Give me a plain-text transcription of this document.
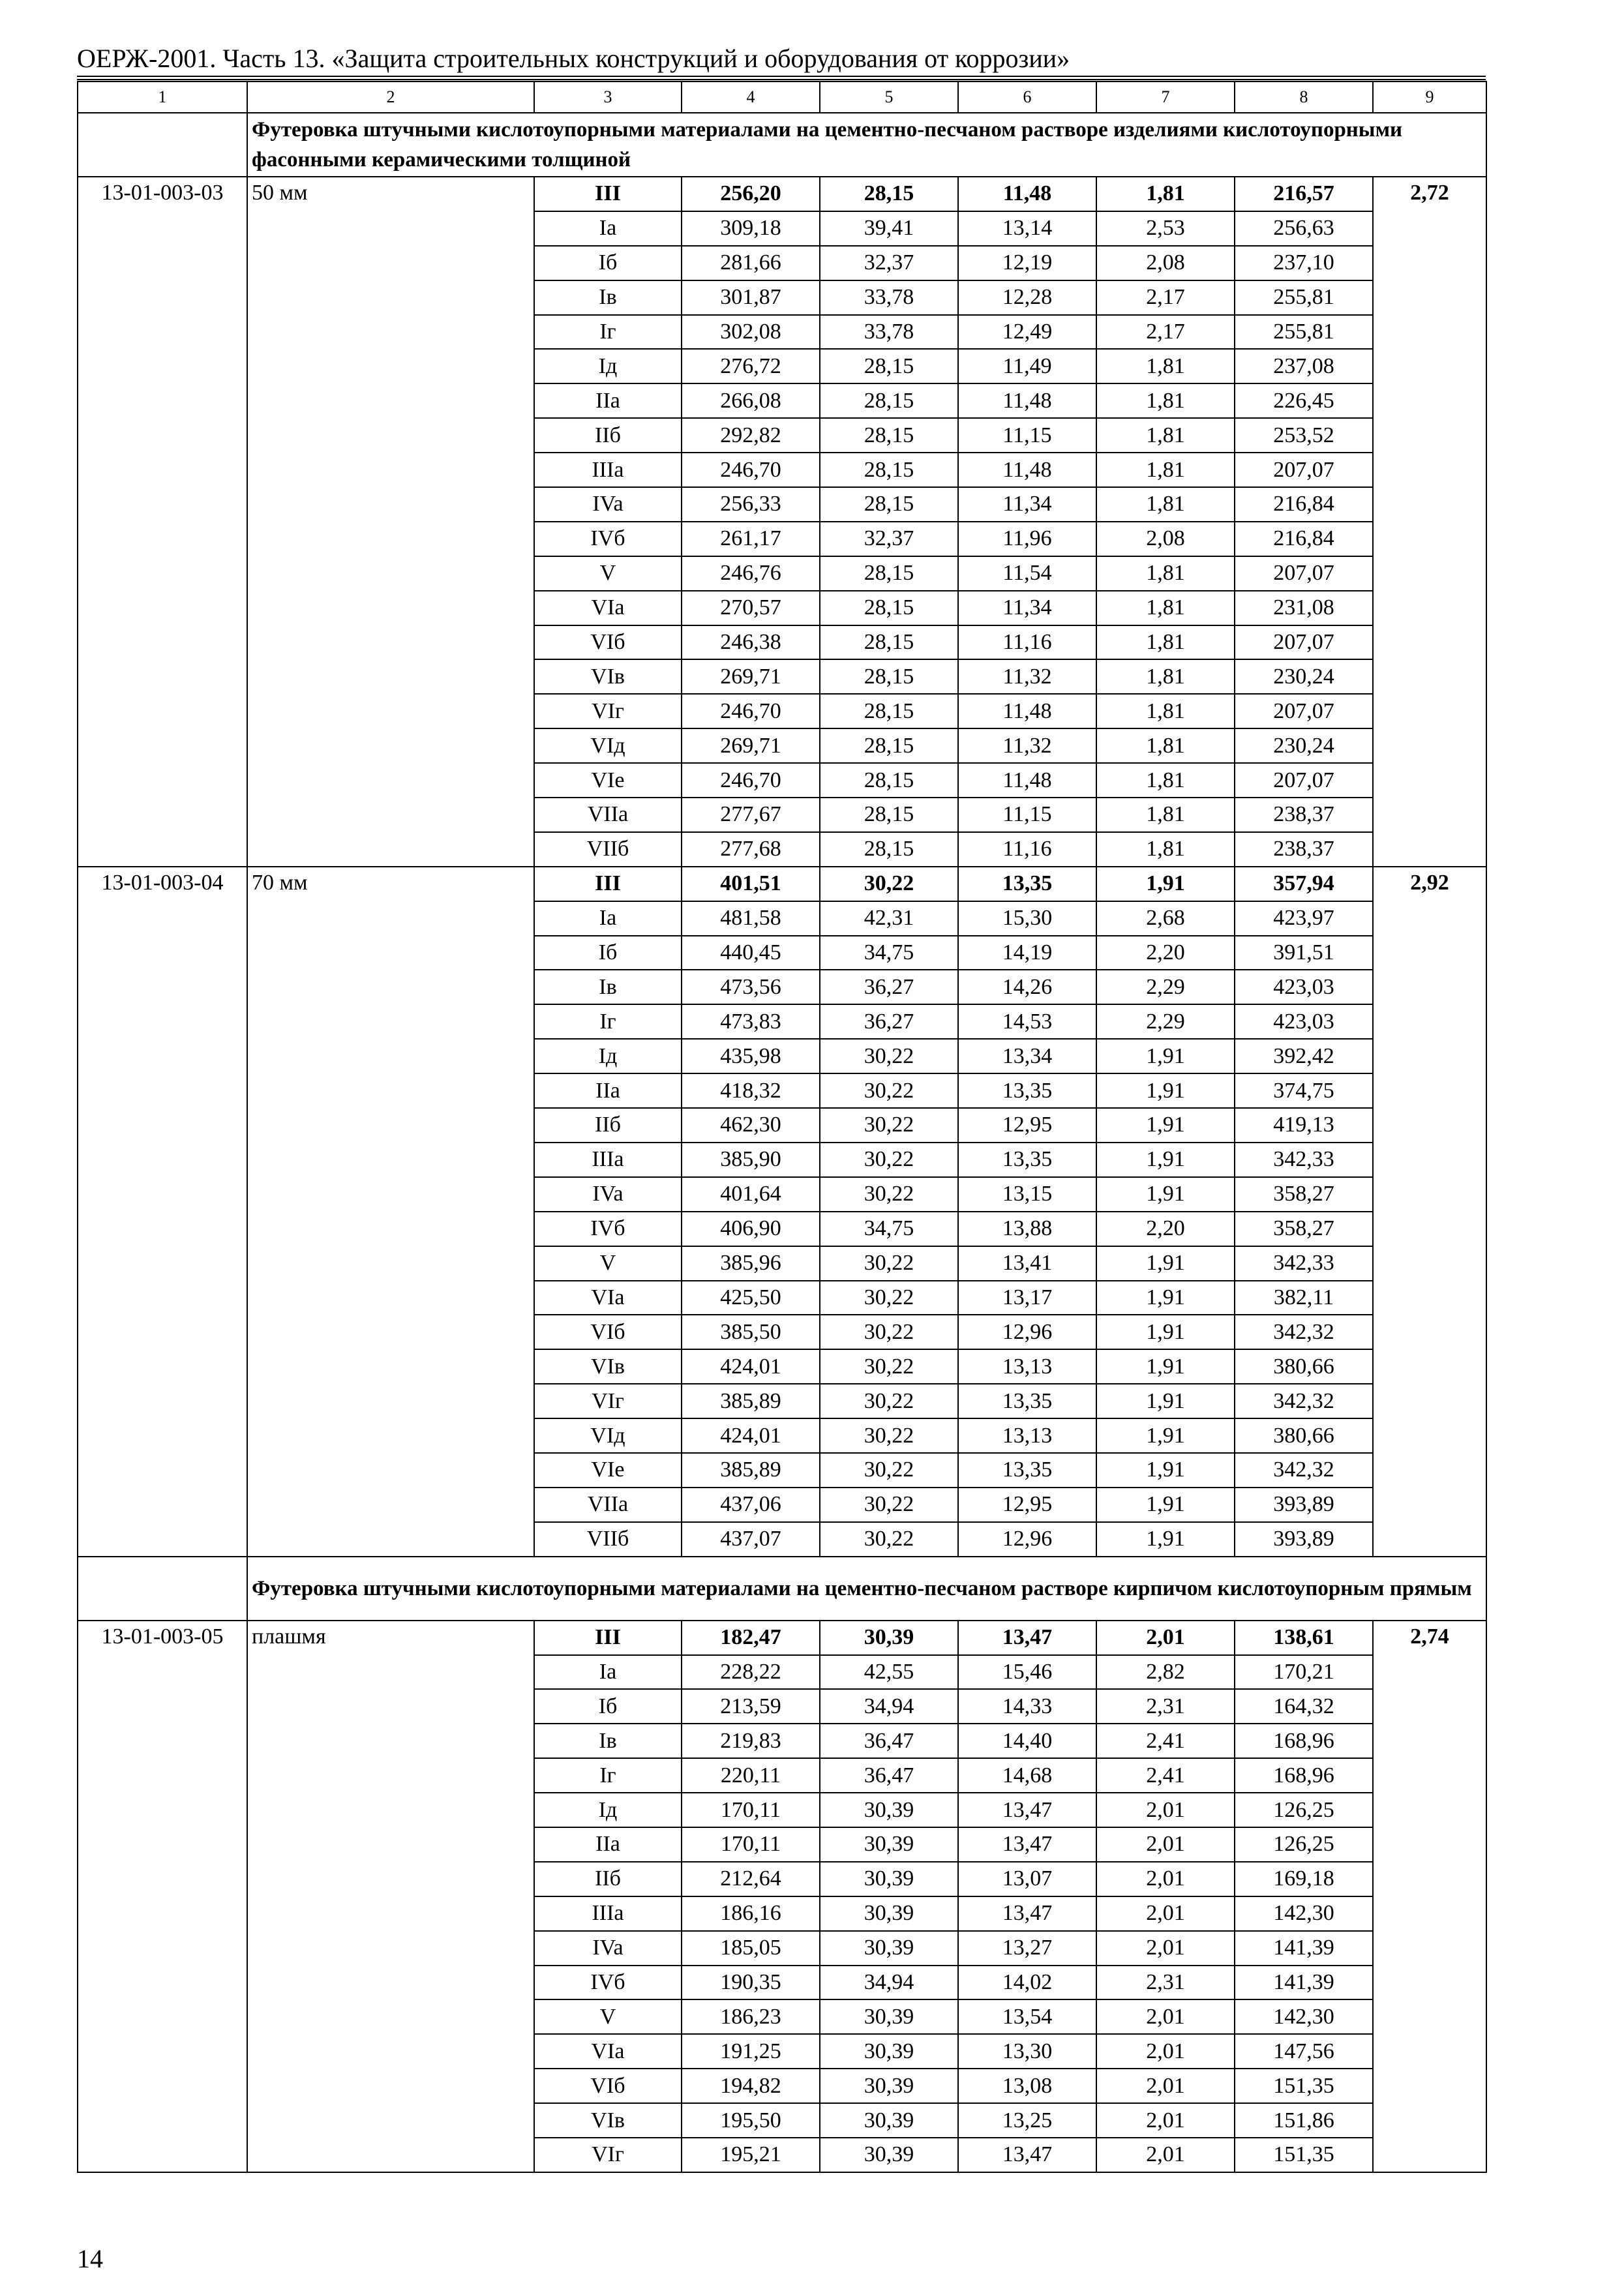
ОЕРЖ-2001. Часть 13. «Защита строительных конструкций и оборудования от коррозии»
1	2	3	4	5	6	7	8	9
	Футеровка штучными кислотоупорными материалами на цементно-песчаном растворе изделиями кислотоупорными фасонными керамическими толщиной							
13-01-003-03	50 мм	III	256,20	28,15	11,48	1,81	216,57	2,72
		Ia	309,18	39,41	13,14	2,53	256,63	
		Iб	281,66	32,37	12,19	2,08	237,10	
		Iв	301,87	33,78	12,28	2,17	255,81	
		Iг	302,08	33,78	12,49	2,17	255,81	
		Iд	276,72	28,15	11,49	1,81	237,08	
		IIa	266,08	28,15	11,48	1,81	226,45	
		IIб	292,82	28,15	11,15	1,81	253,52	
		IIIa	246,70	28,15	11,48	1,81	207,07	
		IVa	256,33	28,15	11,34	1,81	216,84	
		IVб	261,17	32,37	11,96	2,08	216,84	
		V	246,76	28,15	11,54	1,81	207,07	
		VIa	270,57	28,15	11,34	1,81	231,08	
		VIб	246,38	28,15	11,16	1,81	207,07	
		VIв	269,71	28,15	11,32	1,81	230,24	
		VIг	246,70	28,15	11,48	1,81	207,07	
		VIд	269,71	28,15	11,32	1,81	230,24	
		VIe	246,70	28,15	11,48	1,81	207,07	
		VIIa	277,67	28,15	11,15	1,81	238,37	
		VIIб	277,68	28,15	11,16	1,81	238,37	
13-01-003-04	70 мм	III	401,51	30,22	13,35	1,91	357,94	2,92
		Ia	481,58	42,31	15,30	2,68	423,97	
		Iб	440,45	34,75	14,19	2,20	391,51	
		Iв	473,56	36,27	14,26	2,29	423,03	
		Iг	473,83	36,27	14,53	2,29	423,03	
		Iд	435,98	30,22	13,34	1,91	392,42	
		IIa	418,32	30,22	13,35	1,91	374,75	
		IIб	462,30	30,22	12,95	1,91	419,13	
		IIIa	385,90	30,22	13,35	1,91	342,33	
		IVa	401,64	30,22	13,15	1,91	358,27	
		IVб	406,90	34,75	13,88	2,20	358,27	
		V	385,96	30,22	13,41	1,91	342,33	
		VIa	425,50	30,22	13,17	1,91	382,11	
		VIб	385,50	30,22	12,96	1,91	342,32	
		VIв	424,01	30,22	13,13	1,91	380,66	
		VIг	385,89	30,22	13,35	1,91	342,32	
		VIд	424,01	30,22	13,13	1,91	380,66	
		VIe	385,89	30,22	13,35	1,91	342,32	
		VIIa	437,06	30,22	12,95	1,91	393,89	
		VIIб	437,07	30,22	12,96	1,91	393,89	
	Футеровка штучными кислотоупорными материалами на цементно-песчаном растворе кирпичом кислотоупорным прямым							
13-01-003-05	плашмя	III	182,47	30,39	13,47	2,01	138,61	2,74
		Ia	228,22	42,55	15,46	2,82	170,21	
		Iб	213,59	34,94	14,33	2,31	164,32	
		Iв	219,83	36,47	14,40	2,41	168,96	
		Iг	220,11	36,47	14,68	2,41	168,96	
		Iд	170,11	30,39	13,47	2,01	126,25	
		IIa	170,11	30,39	13,47	2,01	126,25	
		IIб	212,64	30,39	13,07	2,01	169,18	
		IIIa	186,16	30,39	13,47	2,01	142,30	
		IVa	185,05	30,39	13,27	2,01	141,39	
		IVб	190,35	34,94	14,02	2,31	141,39	
		V	186,23	30,39	13,54	2,01	142,30	
		VIa	191,25	30,39	13,30	2,01	147,56	
		VIб	194,82	30,39	13,08	2,01	151,35	
		VIв	195,50	30,39	13,25	2,01	151,86	
		VIг	195,21	30,39	13,47	2,01	151,35	
14
